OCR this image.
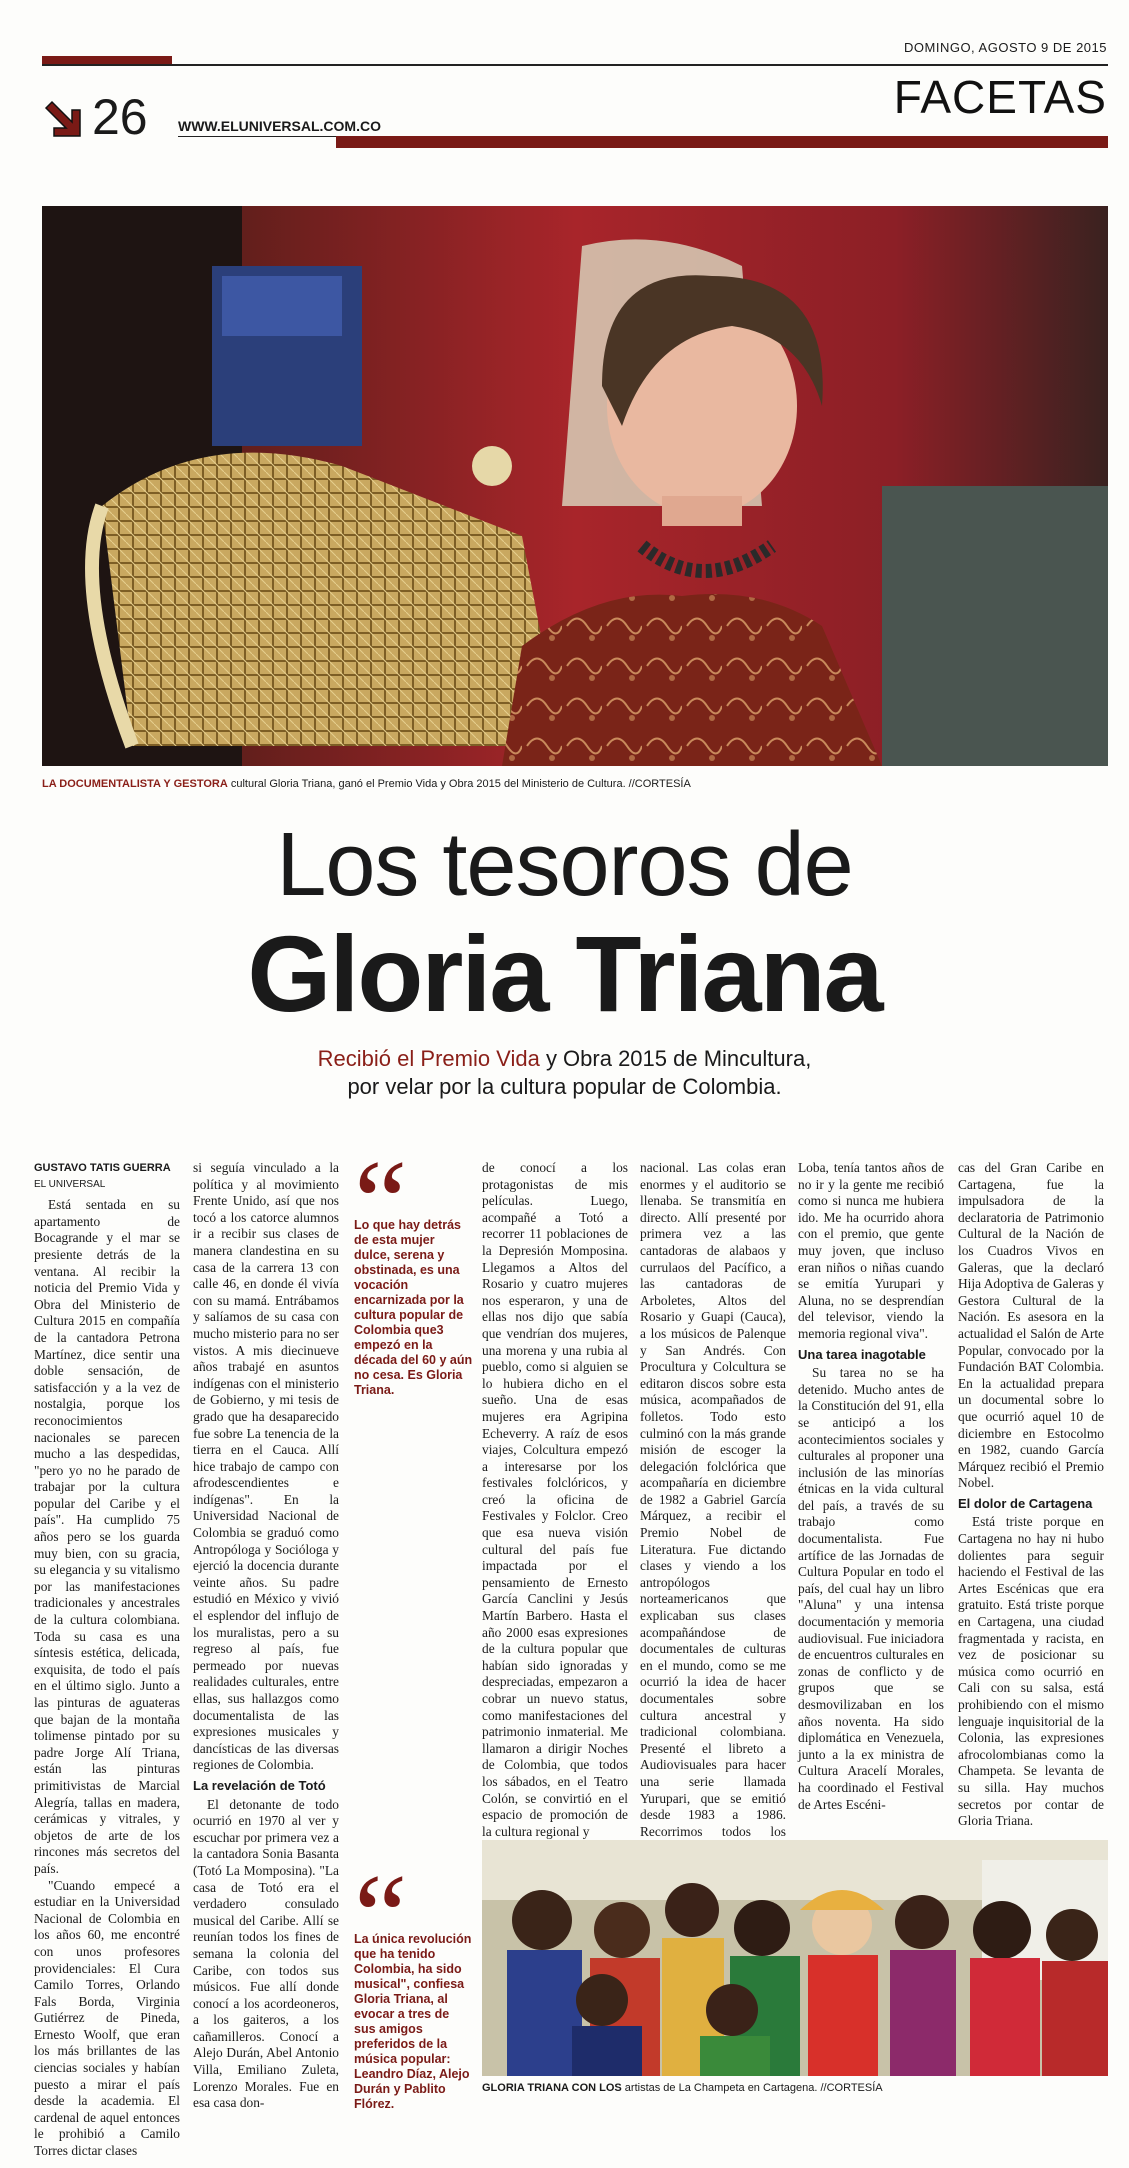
DOMINGO, AGOSTO 9 DE 2015
FACETAS
26 WWW.ELUNIVERSAL.COM.CO
LA DOCUMENTALISTA Y GESTORA cultural Gloria Triana, ganó el Premio Vida y Obra 2015 del Ministerio de Cultura. //CORTESÍA
Los tesoros de
Gloria Triana
Recibió el Premio Vida y Obra 2015 de Mincultura,
por velar por la cultura popular de Colombia.
GUSTAVO TATIS GUERRA
EL UNIVERSAL

Está sentada en su apartamento de Bocagrande y el mar se presiente detrás de la ventana. Al recibir la noticia del Premio Vida y Obra del Ministerio de Cultura 2015 en compañía de la cantadora Petrona Martínez, dice sentir una doble sensación, de satisfacción y a la vez de nostalgia, porque los reconocimientos nacionales se parecen mucho a las despedidas, "pero yo no he parado de trabajar por la cultura popular del Caribe y el país". Ha cumplido 75 años pero se los guarda muy bien, con su gracia, su elegancia y su vitalismo por las manifestaciones tradicionales y ancestrales de la cultura colombiana. Toda su casa es una síntesis estética, delicada, exquisita, de todo el país en el último siglo. Junto a las pinturas de aguateras que bajan de la montaña tolimense pintado por su padre Jorge Alí Triana, están las pinturas primitivistas de Marcial Alegría, tallas en madera, cerámicas y vitrales, y objetos de arte de los rincones más secretos del país.

"Cuando empecé a estudiar en la Universidad Nacional de Colombia en los años 60, me encontré con unos profesores providenciales: El Cura Camilo Torres, Orlando Fals Borda, Virginia Gutiérrez de Pineda, Ernesto Woolf, que eran los más brillantes de las ciencias sociales y habían puesto a mirar el país desde la academia. El cardenal de aquel entonces le prohibió a Camilo Torres dictar clases

si seguía vinculado a la política y al movimiento Frente Unido, así que nos tocó a los catorce alumnos ir a recibir sus clases de manera clandestina en su casa de la carrera 13 con calle 46, en donde él vivía con su mamá. Entrábamos y salíamos de su casa con mucho misterio para no ser vistos. A mis diecinueve años trabajé en asuntos indígenas con el ministerio de Gobierno, y mi tesis de grado que ha desaparecido fue sobre La tenencia de la tierra en el Cauca. Allí hice trabajo de campo con afrodescendientes e indígenas". En la Universidad Nacional de Colombia se graduó como Antropóloga y Socióloga y ejerció la docencia durante veinte años. Su padre estudió en México y vivió el esplendor del influjo de los muralistas, pero a su regreso al país, fue permeado por nuevas realidades culturales, entre ellas, sus hallazgos como documentalista de las expresiones musicales y dancísticas de las diversas regiones de Colombia.

La revelación de Totó

El detonante de todo ocurrió en 1970 al ver y escuchar por primera vez a la cantadora Sonia Basanta (Totó La Momposina). "La casa de Totó era el verdadero consulado musical del Caribe. Allí se reunían todos los fines de semana la colonia del Caribe, con todos sus músicos. Fue allí donde conocí a los acordeoneros, a los gaiteros, a los cañamilleros. Conocí a Alejo Durán, Abel Antonio Villa, Emiliano Zuleta, Lorenzo Morales. Fue en esa casa don-

Lo que hay detrás de esta mujer dulce, serena y obstinada, es una vocación encarnizada por la cultura popular de Colombia que3 empezó en la década del 60 y aún no cesa. Es Gloria Triana.
La única revolución que ha tenido Colombia, ha sido musical", confiesa Gloria Triana, al evocar a tres de sus amigos preferidos de la música popular: Leandro Díaz, Alejo Durán y Pablito Flórez.

de conocí a los protagonistas de mis películas. Luego, acompañé a Totó a recorrer 11 poblaciones de la Depresión Momposina. Llegamos a Altos del Rosario y cuatro mujeres nos esperaron, y una de ellas nos dijo que sabía que vendrían dos mujeres, una morena y una rubia al pueblo, como si alguien se lo hubiera dicho en el sueño. Una de esas mujeres era Agripina Echeverry. A raíz de esos viajes, Colcultura empezó a interesarse por los festivales folclóricos, y creó la oficina de Festivales y Folclor. Creo que esa nueva visión cultural del país fue impactada por el pensamiento de Ernesto García Canclini y Jesús Martín Barbero. Hasta el año 2000 esas expresiones de la cultura popular que habían sido ignoradas y despreciadas, empezaron a cobrar un nuevo status, como manifestaciones del patrimonio inmaterial. Me llamaron a dirigir Noches de Colombia, que todos los sábados, en el Teatro Colón, se convirtió en el espacio de promoción de la cultura regional y

nacional. Las colas eran enormes y el auditorio se llenaba. Se transmitía en directo. Allí presenté por primera vez a las cantadoras de alabaos y currulaos del Pacífico, a las cantadoras de Arboletes, Altos del Rosario y Guapi (Cauca), a los músicos de Palenque y San Andrés. Con Procultura y Colcultura se editaron discos sobre esta música, acompañados de folletos. Todo esto culminó con la más grande misión de escoger la delegación folclórica que acompañaría en diciembre de 1982 a Gabriel García Márquez, a recibir el Premio Nobel de Literatura. Fue dictando clases y viendo a los antropólogos norteamericanos que explicaban sus clases acompañándose de documentales de culturas en el mundo, como se me ocurrió la idea de hacer documentales sobre cultura ancestral y tradicional colombiana. Presenté el libreto a Audiovisuales para hacer una serie llamada Yurupari, que se emitió desde 1983 a 1986. Recorrimos todos los

Loba, tenía tantos años de no ir y la gente me recibió como si nunca me hubiera ido. Me ha ocurrido ahora con el premio, que gente muy joven, que incluso eran niños o niñas cuando se emitía Yurupari y Aluna, no se desprendían del televisor, viendo la memoria regional viva".

Una tarea inagotable

Su tarea no se ha detenido. Mucho antes de la Constitución del 91, ella se anticipó a los acontecimientos sociales y culturales al proponer una inclusión de las minorías étnicas en la vida cultural del país, a través de su trabajo como documentalista. Fue artífice de las Jornadas de Cultura Popular en todo el país, del cual hay un libro "Aluna" y una intensa documentación y memoria audiovisual. Fue iniciadora de encuentros culturales en zonas de conflicto y de grupos que se desmovilizaban en los años noventa. Ha sido diplomática en Venezuela, junto a la ex ministra de Cultura Aracelí Morales, ha coordinado el Festival de Artes Escéni-

cas del Gran Caribe en Cartagena, fue la impulsadora de la declaratoria de Patrimonio Cultural de la Nación de los Cuadros Vivos en Galeras, que la declaró Hija Adoptiva de Galeras y Gestora Cultural de la Nación. Es asesora en la actualidad el Salón de Arte Popular, convocado por la Fundación BAT Colombia. En la actualidad prepara un documental sobre lo que ocurrió aquel 10 de diciembre en Estocolmo en 1982, cuando García Márquez recibió el Premio Nobel.

El dolor de Cartagena

Está triste porque en Cartagena no hay ni hubo dolientes para seguir haciendo el Festival de las Artes Escénicas que era gratuito. Está triste porque en Cartagena, una ciudad fragmentada y racista, en vez de posicionar su música como ocurrió en Cali con su salsa, está prohibiendo con el mismo lenguaje inquisitorial de la Colonia, las expresiones afrocolombianas como la Champeta. Se levanta de su silla. Hay muchos secretos por contar de Gloria Triana.

GLORIA TRIANA CON LOS artistas de La Champeta en Cartagena. //CORTESÍA
